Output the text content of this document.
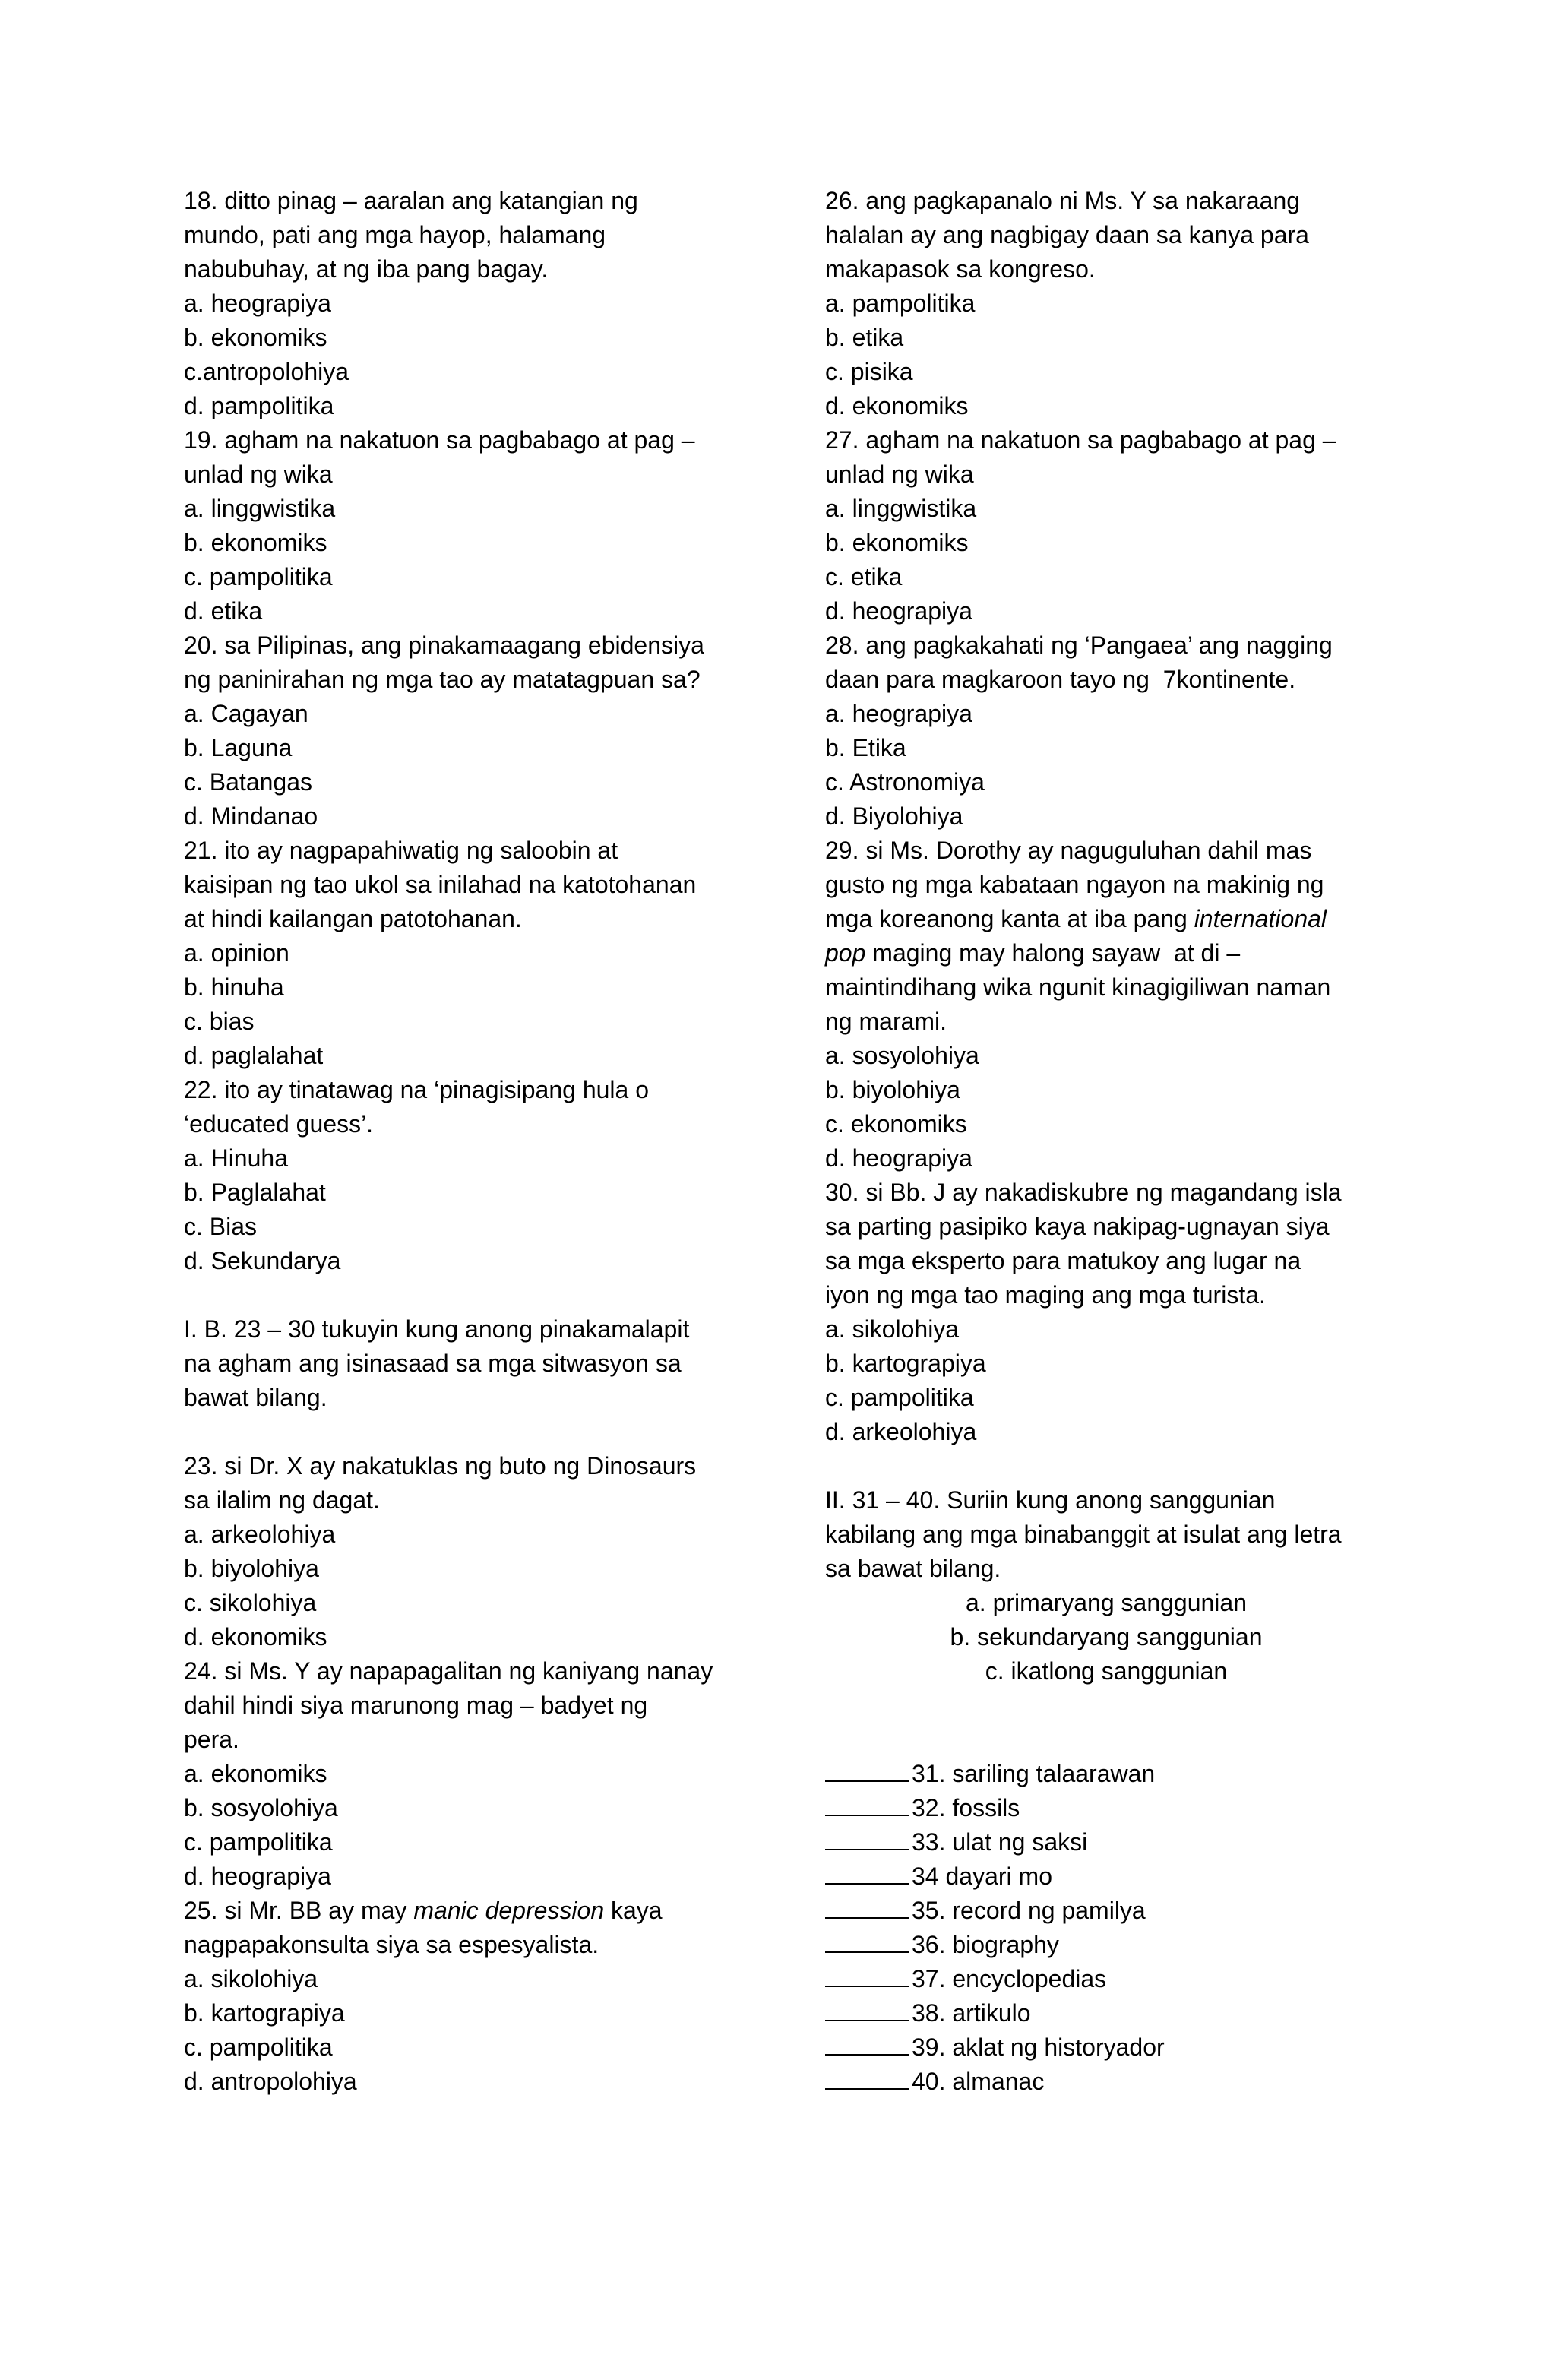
18. ditto pinag – aaralan ang katangian ng
mundo, pati ang mga hayop, halamang
nabubuhay, at ng iba pang bagay.
a. heograpiya
b. ekonomiks
c.antropolohiya
d. pampolitika
19. agham na nakatuon sa pagbabago at pag –
unlad ng wika
a. linggwistika
b. ekonomiks
c. pampolitika
d. etika
20. sa Pilipinas, ang pinakamaagang ebidensiya
ng paninirahan ng mga tao ay matatagpuan sa?
a. Cagayan
b. Laguna
c. Batangas
d. Mindanao
21. ito ay nagpapahiwatig ng saloobin at
kaisipan ng tao ukol sa inilahad na katotohanan
at hindi kailangan patotohanan.
a. opinion
b. hinuha
c. bias
d. paglalahat
22. ito ay tinatawag na ‘pinagisipang hula o
‘educated guess’.
a. Hinuha
b. Paglalahat
c. Bias
d. Sekundarya
I. B. 23 – 30 tukuyin kung anong pinakamalapit
na agham ang isinasaad sa mga sitwasyon sa
bawat bilang.
23. si Dr. X ay nakatuklas ng buto ng Dinosaurs
sa ilalim ng dagat.
a. arkeolohiya
b. biyolohiya
c. sikolohiya
d. ekonomiks
24. si Ms. Y ay napapagalitan ng kaniyang nanay
dahil hindi siya marunong mag – badyet ng
pera.
a. ekonomiks
b. sosyolohiya
c. pampolitika
d. heograpiya
25. si Mr. BB ay may manic depression kaya
nagpapakonsulta siya sa espesyalista.
a. sikolohiya
b. kartograpiya
c. pampolitika
d. antropolohiya
26. ang pagkapanalo ni Ms. Y sa nakaraang
halalan ay ang nagbigay daan sa kanya para
makapasok sa kongreso.
a. pampolitika
b. etika
c. pisika
d. ekonomiks
27. agham na nakatuon sa pagbabago at pag –
unlad ng wika
a. linggwistika
b. ekonomiks
c. etika
d. heograpiya
28. ang pagkakahati ng ‘Pangaea’ ang nagging
daan para magkaroon tayo ng  7kontinente.
a. heograpiya
b. Etika
c. Astronomiya
d. Biyolohiya
29. si Ms. Dorothy ay naguguluhan dahil mas
gusto ng mga kabataan ngayon na makinig ng
mga koreanong kanta at iba pang international
pop maging may halong sayaw  at di –
maintindihang wika ngunit kinagigiliwan naman
ng marami.
a. sosyolohiya
b. biyolohiya
c. ekonomiks
d. heograpiya
30. si Bb. J ay nakadiskubre ng magandang isla
sa parting pasipiko kaya nakipag-ugnayan siya
sa mga eksperto para matukoy ang lugar na
iyon ng mga tao maging ang mga turista.
a. sikolohiya
b. kartograpiya
c. pampolitika
d. arkeolohiya
II. 31 – 40. Suriin kung anong sanggunian
kabilang ang mga binabanggit at isulat ang letra
sa bawat bilang.
a. primaryang sanggunian
b. sekundaryang sanggunian
c. ikatlong sanggunian
31. sariling talaarawan
32. fossils
33. ulat ng saksi
34 dayari mo
35. record ng pamilya
36. biography
37. encyclopedias
38. artikulo
39. aklat ng historyador
40. almanac
